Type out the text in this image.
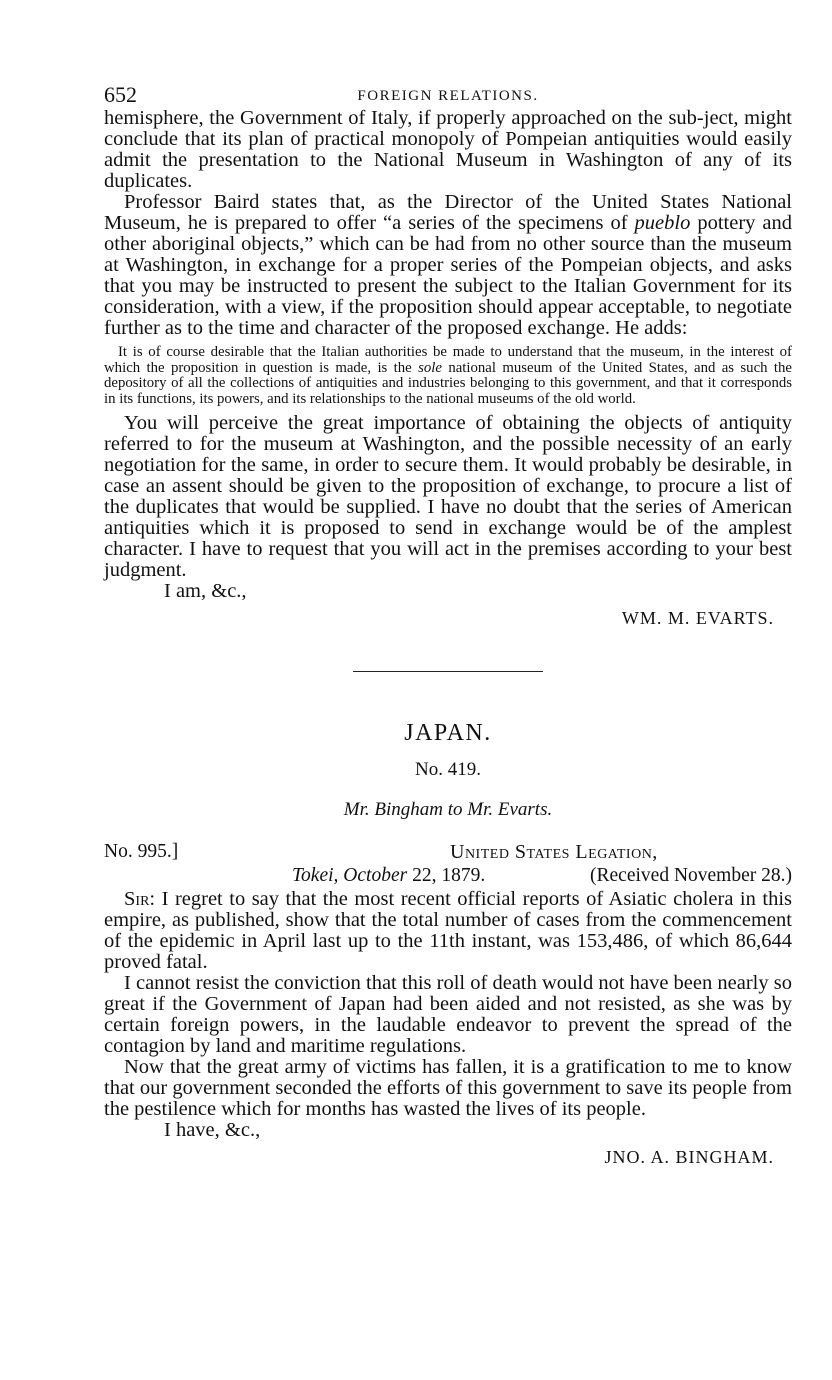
652	FOREIGN RELATIONS.

hemisphere, the Government of Italy, if properly approached on the sub-ject, might conclude that its plan of practical monopoly of Pompeian antiquities would easily admit the presentation to the National Museum in Washington of any of its duplicates.

Professor Baird states that, as the Director of the United States National Museum, he is prepared to offer “a series of the specimens of pueblo pottery and other aboriginal objects,” which can be had from no other source than the museum at Washington, in exchange for a proper series of the Pompeian objects, and asks that you may be instructed to present the subject to the Italian Government for its consideration, with a view, if the proposition should appear acceptable, to negotiate further as to the time and character of the proposed exchange. He adds:

It is of course desirable that the Italian authorities be made to understand that the museum, in the interest of which the proposition in question is made, is the sole national museum of the United States, and as such the depository of all the collections of antiquities and industries belonging to this government, and that it corresponds in its functions, its powers, and its relationships to the national museums of the old world.

You will perceive the great importance of obtaining the objects of antiquity referred to for the museum at Washington, and the possible necessity of an early negotiation for the same, in order to secure them. It would probably be desirable, in case an assent should be given to the proposition of exchange, to procure a list of the duplicates that would be supplied. I have no doubt that the series of American antiquities which it is proposed to send in exchange would be of the amplest character. I have to request that you will act in the premises according to your best judgment.

I am, &c.,

WM. M. EVARTS.

JAPAN.
No. 419.
Mr. Bingham to Mr. Evarts.
No. 995.]	United States Legation,
Tokei, October 22, 1879.	(Received November 28.)

Sir: I regret to say that the most recent official reports of Asiatic cholera in this empire, as published, show that the total number of cases from the commencement of the epidemic in April last up to the 11th instant, was 153,486, of which 86,644 proved fatal.

I cannot resist the conviction that this roll of death would not have been nearly so great if the Government of Japan had been aided and not resisted, as she was by certain foreign powers, in the laudable endeavor to prevent the spread of the contagion by land and maritime regulations.

Now that the great army of victims has fallen, it is a gratification to me to know that our government seconded the efforts of this government to save its people from the pestilence which for months has wasted the lives of its people.

I have, &c.,

JNO. A. BINGHAM.
